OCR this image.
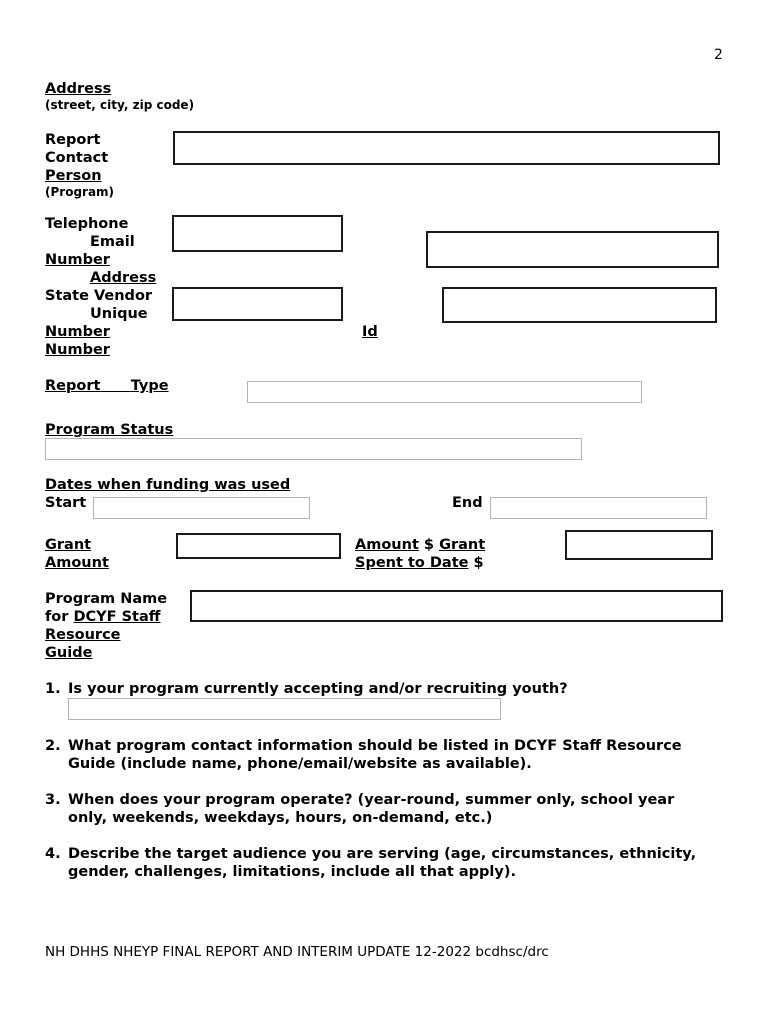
2
Address
(street, city, zip code)
Report
Contact
Person
(Program)
Telephone
Email
Number
Address
State Vendor
Unique
Number
Number
Id
Report Type
Program Status
Dates when funding was used
Start	End
Grant
Amount
Amount $ Grant
Spent to Date $
Program Name
for DCYF Staff
Resource
Guide
1. Is your program currently accepting and/or recruiting youth?
2. What program contact information should be listed in DCYF Staff Resource
Guide (include name, phone/email/website as available).
3. When does your program operate? (year-round, summer only, school year
only, weekends, weekdays, hours, on-demand, etc.)
4. Describe the target audience you are serving (age, circumstances, ethnicity,
gender, challenges, limitations, include all that apply).
NH DHHS NHEYP FINAL REPORT AND INTERIM UPDATE 12-2022 bcdhsc/drc
